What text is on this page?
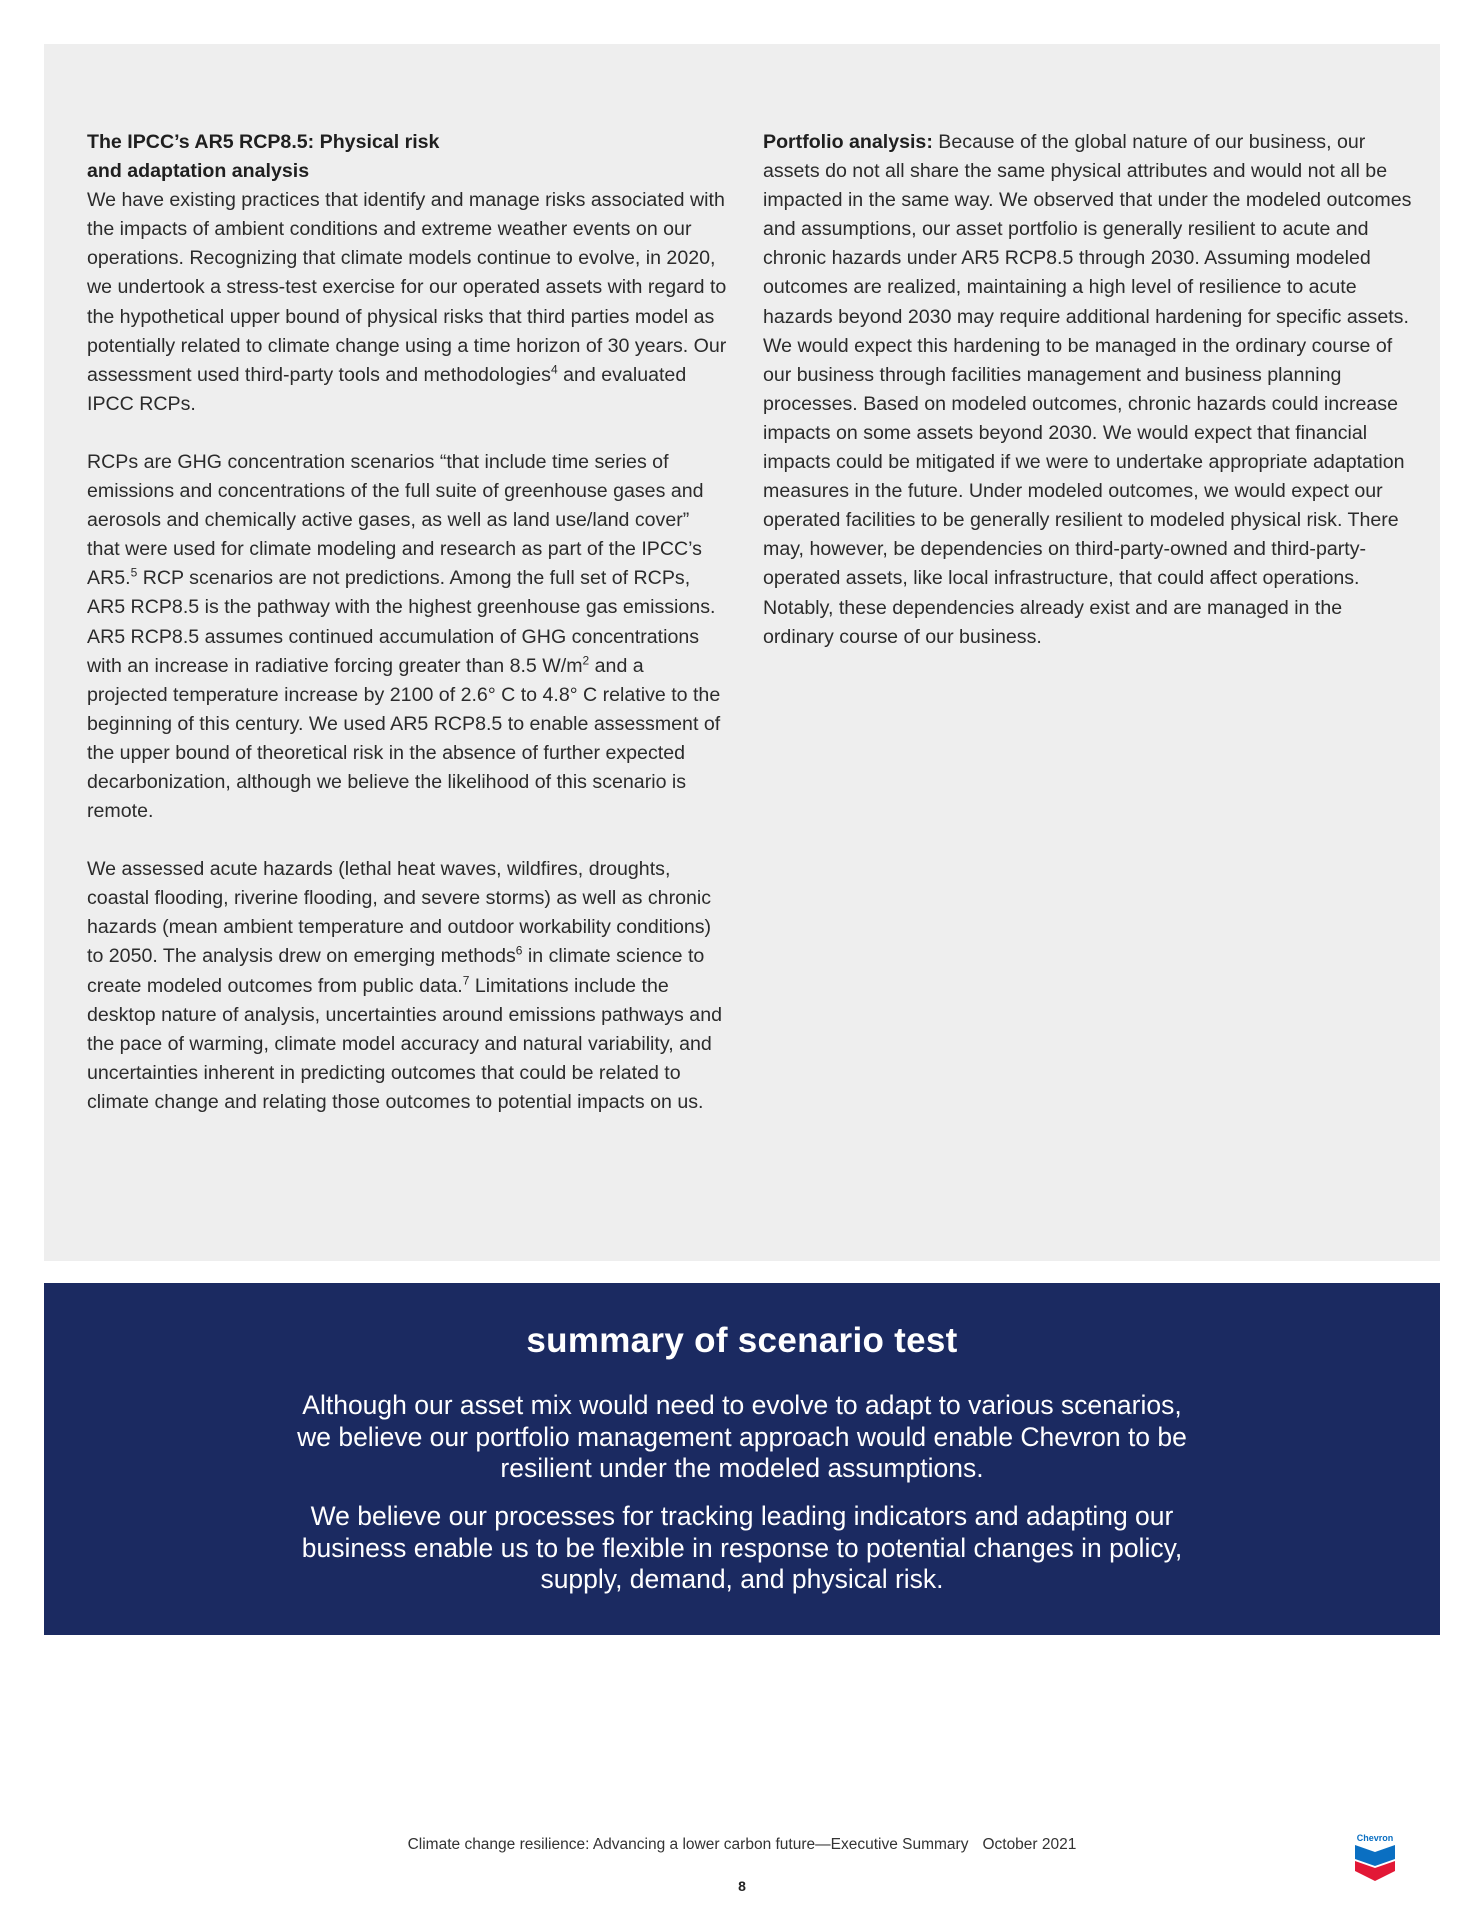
The IPCC’s AR5 RCP8.5: Physical risk
and adaptation analysis

We have existing practices that identify and manage risks associated with the impacts of ambient conditions and extreme weather events on our operations. Recognizing that climate models continue to evolve, in 2020, we undertook a stress-test exercise for our operated assets with regard to the hypothetical upper bound of physical risks that third parties model as potentially related to climate change using a time horizon of 30 years. Our assessment used third-party tools and methodologies$^4$ and evaluated IPCC RCPs.

RCPs are GHG concentration scenarios “that include time series of emissions and concentrations of the full suite of greenhouse gases and aerosols and chemically active gases, as well as land use/land cover” that were used for climate modeling and research as part of the IPCC’s AR5.$^5$ RCP scenarios are not predictions. Among the full set of RCPs, AR5 RCP8.5 is the pathway with the highest greenhouse gas emissions. AR5 RCP8.5 assumes continued accumulation of GHG concentrations with an increase in radiative forcing greater than 8.5 $W/m^2$ and a projected temperature increase by 2100 of 2.6° C to 4.8° C relative to the beginning of this century. We used AR5 RCP8.5 to enable assessment of the upper bound of theoretical risk in the absence of further expected decarbonization, although we believe the likelihood of this scenario is remote.

We assessed acute hazards (lethal heat waves, wildfires, droughts, coastal flooding, riverine flooding, and severe storms) as well as chronic hazards (mean ambient temperature and outdoor workability conditions) to 2050. The analysis drew on emerging methods$^6$ in climate science to create modeled outcomes from public data.$^7$ Limitations include the desktop nature of analysis, uncertainties around emissions pathways and the pace of warming, climate model accuracy and natural variability, and uncertainties inherent in predicting outcomes that could be related to climate change and relating those outcomes to potential impacts on us.

Portfolio analysis: Because of the global nature of our business, our assets do not all share the same physical attributes and would not all be impacted in the same way. We observed that under the modeled outcomes and assumptions, our asset portfolio is generally resilient to acute and chronic hazards under AR5 RCP8.5 through 2030. Assuming modeled outcomes are realized, maintaining a high level of resilience to acute hazards beyond 2030 may require additional hardening for specific assets. We would expect this hardening to be managed in the ordinary course of our business through facilities management and business planning processes. Based on modeled outcomes, chronic hazards could increase impacts on some assets beyond 2030. We would expect that financial impacts could be mitigated if we were to undertake appropriate adaptation measures in the future. Under modeled outcomes, we would expect our operated facilities to be generally resilient to modeled physical risk. There may, however, be dependencies on third-party-owned and third-party-operated assets, like local infrastructure, that could affect operations. Notably, these dependencies already exist and are managed in the ordinary course of our business.

summary of scenario test

Although our asset mix would need to evolve to adapt to various scenarios, we believe our portfolio management approach would enable Chevron to be resilient under the modeled assumptions.

We believe our processes for tracking leading indicators and adapting our business enable us to be flexible in response to potential changes in policy, supply, demand, and physical risk.

Climate change resilience: Advancing a lower carbon future—Executive Summary October 2021
8
Chevron
